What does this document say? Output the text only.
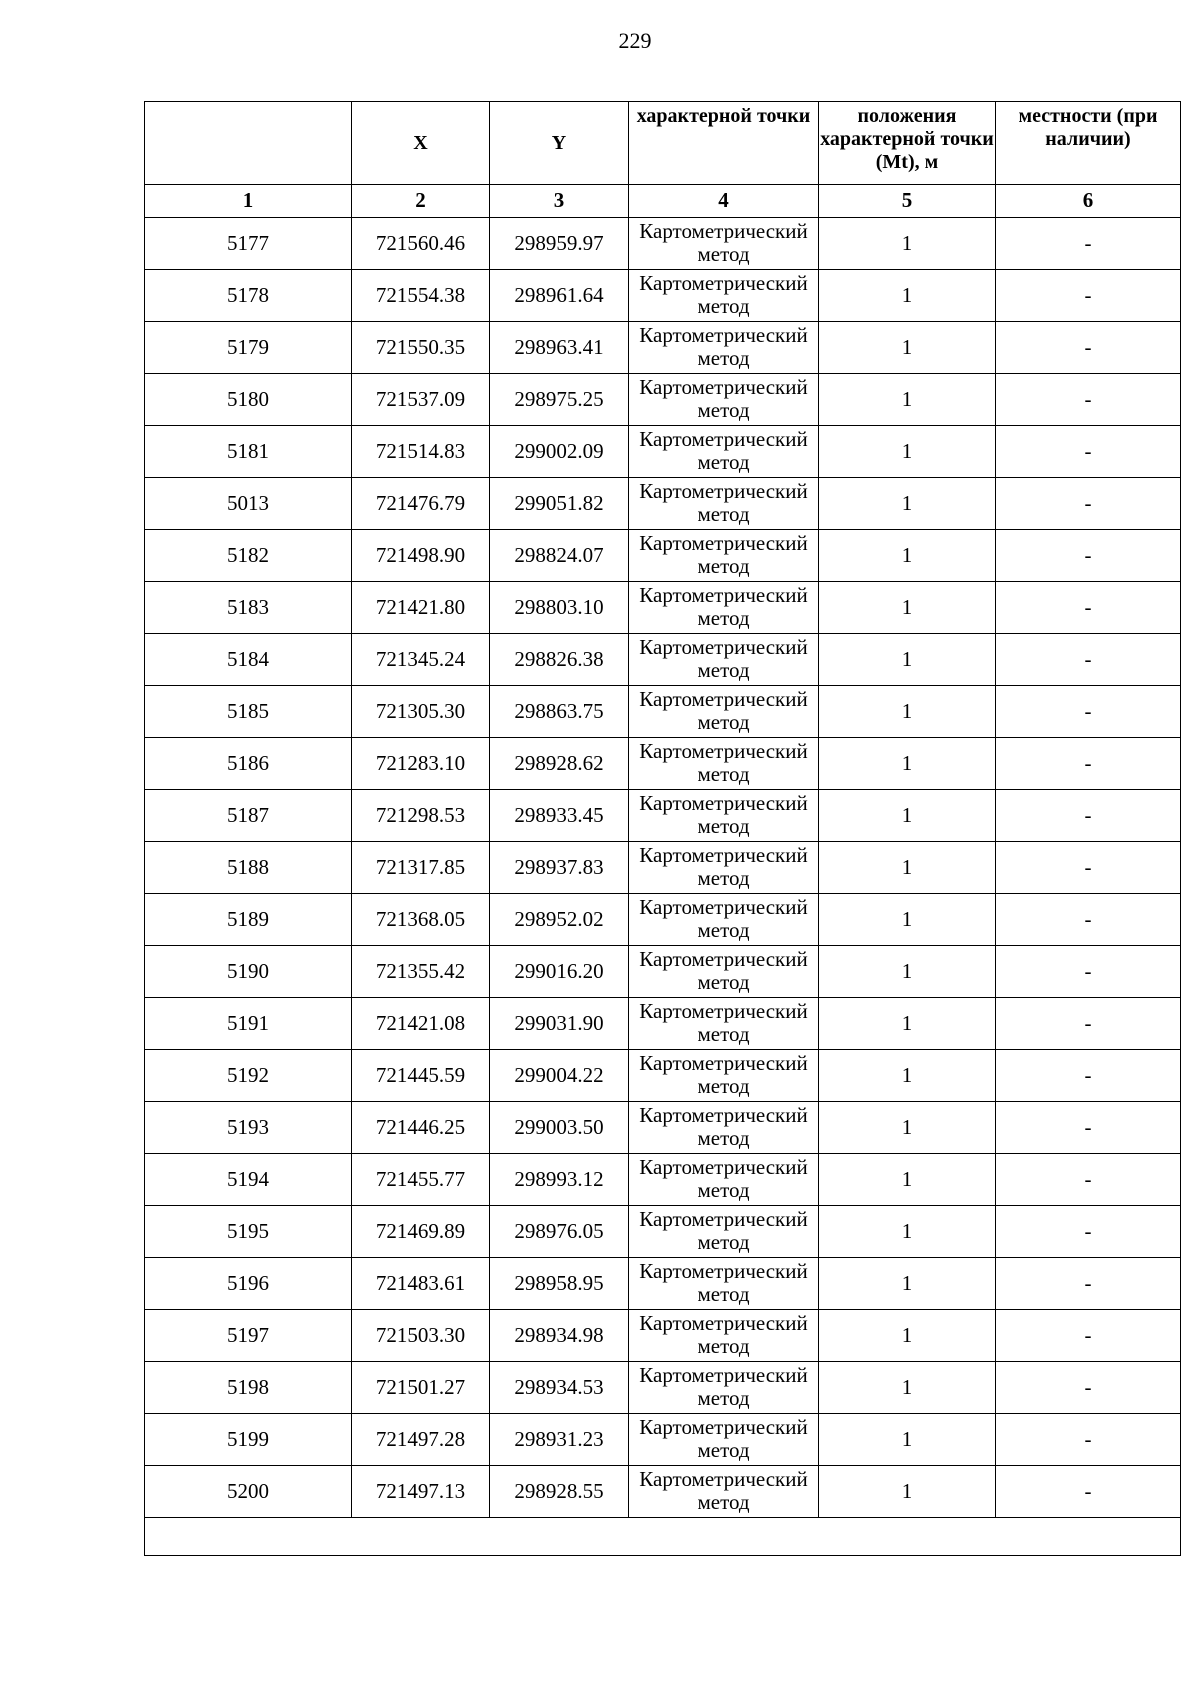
229
	X	Y	характерной точки	положения характерной точки (Mt), м	местности (при наличии)
1	2	3	4	5	6
5177	721560.46	298959.97	Картометрический метод	1	-
5178	721554.38	298961.64	Картометрический метод	1	-
5179	721550.35	298963.41	Картометрический метод	1	-
5180	721537.09	298975.25	Картометрический метод	1	-
5181	721514.83	299002.09	Картометрический метод	1	-
5013	721476.79	299051.82	Картометрический метод	1	-
5182	721498.90	298824.07	Картометрический метод	1	-
5183	721421.80	298803.10	Картометрический метод	1	-
5184	721345.24	298826.38	Картометрический метод	1	-
5185	721305.30	298863.75	Картометрический метод	1	-
5186	721283.10	298928.62	Картометрический метод	1	-
5187	721298.53	298933.45	Картометрический метод	1	-
5188	721317.85	298937.83	Картометрический метод	1	-
5189	721368.05	298952.02	Картометрический метод	1	-
5190	721355.42	299016.20	Картометрический метод	1	-
5191	721421.08	299031.90	Картометрический метод	1	-
5192	721445.59	299004.22	Картометрический метод	1	-
5193	721446.25	299003.50	Картометрический метод	1	-
5194	721455.77	298993.12	Картометрический метод	1	-
5195	721469.89	298976.05	Картометрический метод	1	-
5196	721483.61	298958.95	Картометрический метод	1	-
5197	721503.30	298934.98	Картометрический метод	1	-
5198	721501.27	298934.53	Картометрический метод	1	-
5199	721497.28	298931.23	Картометрический метод	1	-
5200	721497.13	298928.55	Картометрический метод	1	-
